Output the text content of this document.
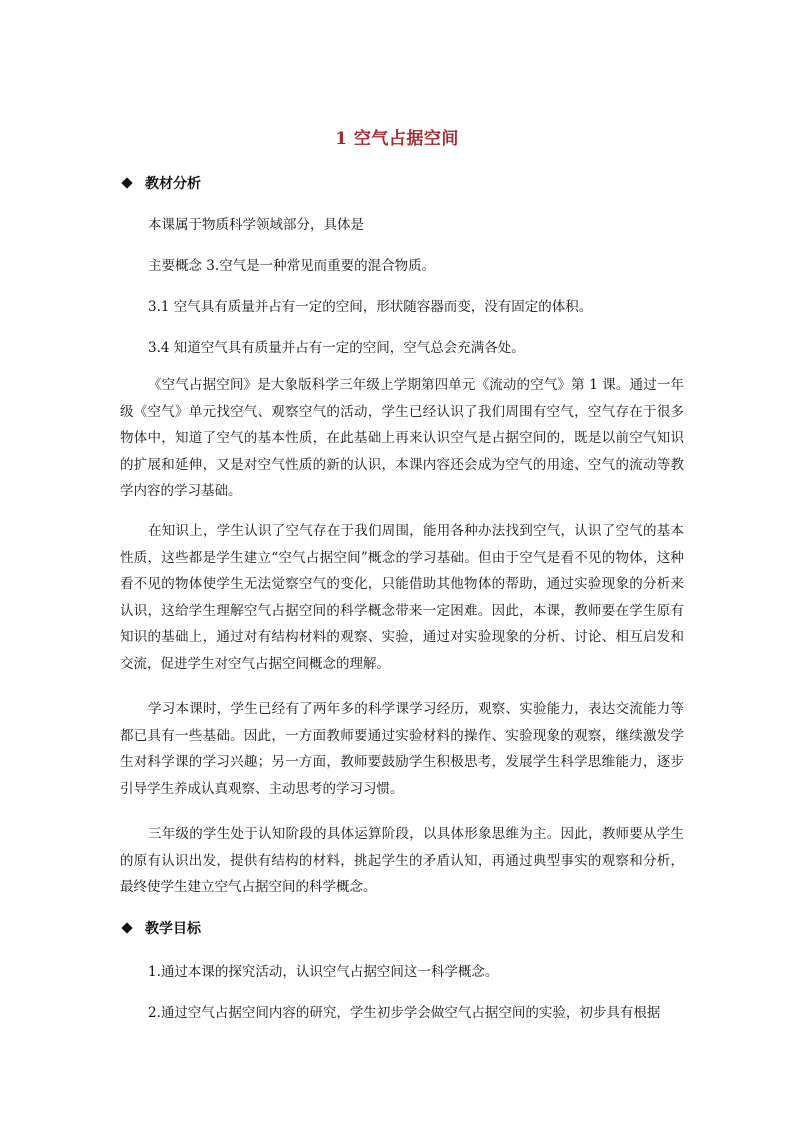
1 空气占据空间
教材分析
本课属于物质科学领域部分，具体是
主要概念 3.空气是一种常见而重要的混合物质。
3.1 空气具有质量并占有一定的空间，形状随容器而变，没有固定的体积。
3.4 知道空气具有质量并占有一定的空间，空气总会充满各处。
《空气占据空间》是大象版科学三年级上学期第四单元《流动的空气》第 1 课。通过一年级《空气》单元找空气、观察空气的活动，学生已经认识了我们周围有空气，空气存在于很多物体中，知道了空气的基本性质，在此基础上再来认识空气是占据空间的，既是以前空气知识的扩展和延伸，又是对空气性质的新的认识，本课内容还会成为空气的用途、空气的流动等教学内容的学习基础。
在知识上，学生认识了空气存在于我们周围，能用各种办法找到空气，认识了空气的基本性质，这些都是学生建立“空气占据空间”概念的学习基础。但由于空气是看不见的物体，这种看不见的物体使学生无法觉察空气的变化，只能借助其他物体的帮助，通过实验现象的分析来认识，这给学生理解空气占据空间的科学概念带来一定困难。因此，本课，教师要在学生原有知识的基础上，通过对有结构材料的观察、实验，通过对实验现象的分析、讨论、相互启发和交流，促进学生对空气占据空间概念的理解。
学习本课时，学生已经有了两年多的科学课学习经历，观察、实验能力，表达交流能力等都已具有一些基础。因此，一方面教师要通过实验材料的操作、实验现象的观察，继续激发学生对科学课的学习兴趣；另一方面，教师要鼓励学生积极思考，发展学生科学思维能力，逐步引导学生养成认真观察、主动思考的学习习惯。
三年级的学生处于认知阶段的具体运算阶段，以具体形象思维为主。因此，教师要从学生的原有认识出发，提供有结构的材料，挑起学生的矛盾认知，再通过典型事实的观察和分析，最终使学生建立空气占据空间的科学概念。
教学目标
1.通过本课的探究活动，认识空气占据空间这一科学概念。
2.通过空气占据空间内容的研究，学生初步学会做空气占据空间的实验，初步具有根据
